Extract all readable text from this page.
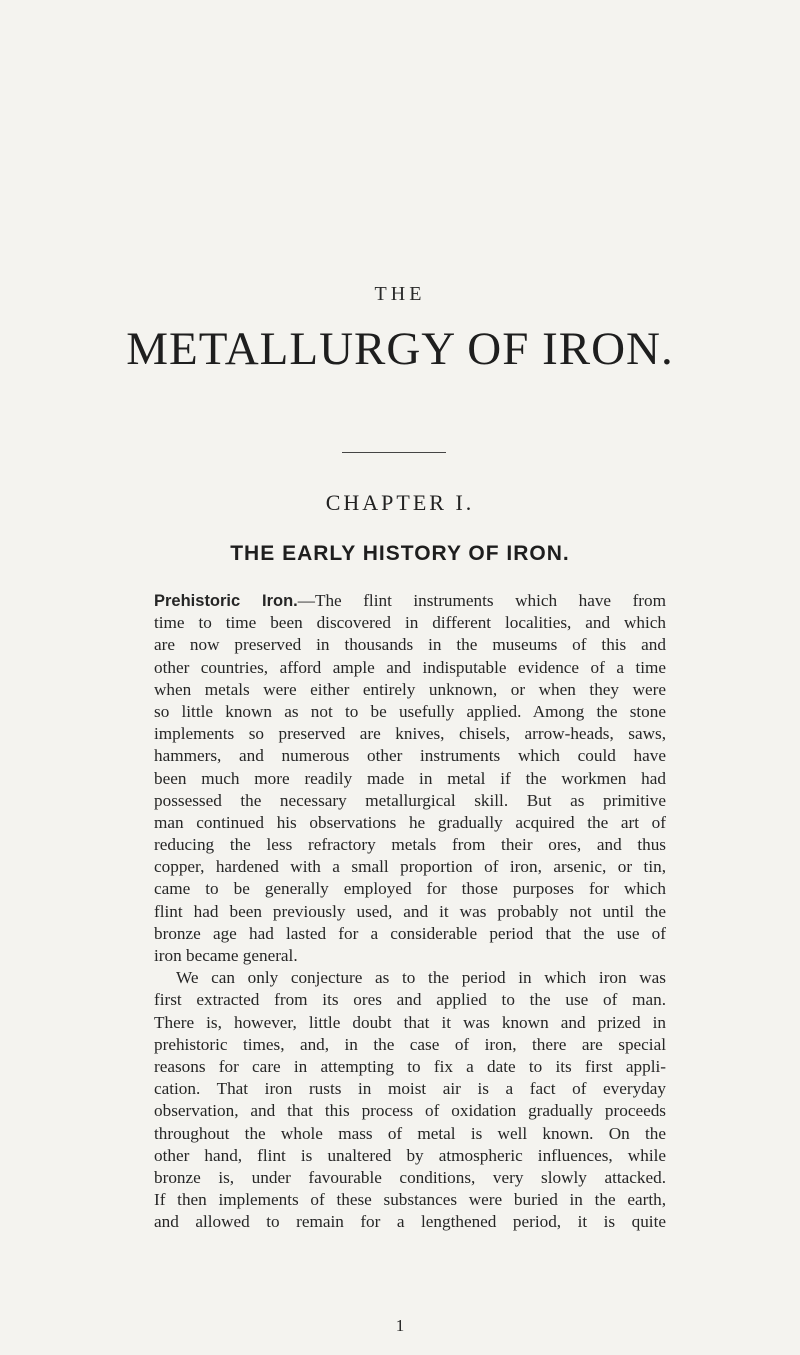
THE
METALLURGY OF IRON.
CHAPTER I.
THE EARLY HISTORY OF IRON.
Prehistoric Iron.—The flint instruments which have from
time to time been discovered in different localities, and which
are now preserved in thousands in the museums of this and
other countries, afford ample and indisputable evidence of a time
when metals were either entirely unknown, or when they were
so little known as not to be usefully applied. Among the stone
implements so preserved are knives, chisels, arrow-heads, saws,
hammers, and numerous other instruments which could have
been much more readily made in metal if the workmen had
possessed the necessary metallurgical skill. But as primitive
man continued his observations he gradually acquired the art of
reducing the less refractory metals from their ores, and thus
copper, hardened with a small proportion of iron, arsenic, or tin,
came to be generally employed for those purposes for which
flint had been previously used, and it was probably not until the
bronze age had lasted for a considerable period that the use of
iron became general.
We can only conjecture as to the period in which iron was
first extracted from its ores and applied to the use of man.
There is, however, little doubt that it was known and prized in
prehistoric times, and, in the case of iron, there are special
reasons for care in attempting to fix a date to its first appli-
cation. That iron rusts in moist air is a fact of everyday
observation, and that this process of oxidation gradually proceeds
throughout the whole mass of metal is well known. On the
other hand, flint is unaltered by atmospheric influences, while
bronze is, under favourable conditions, very slowly attacked.
If then implements of these substances were buried in the earth,
and allowed to remain for a lengthened period, it is quite
1
